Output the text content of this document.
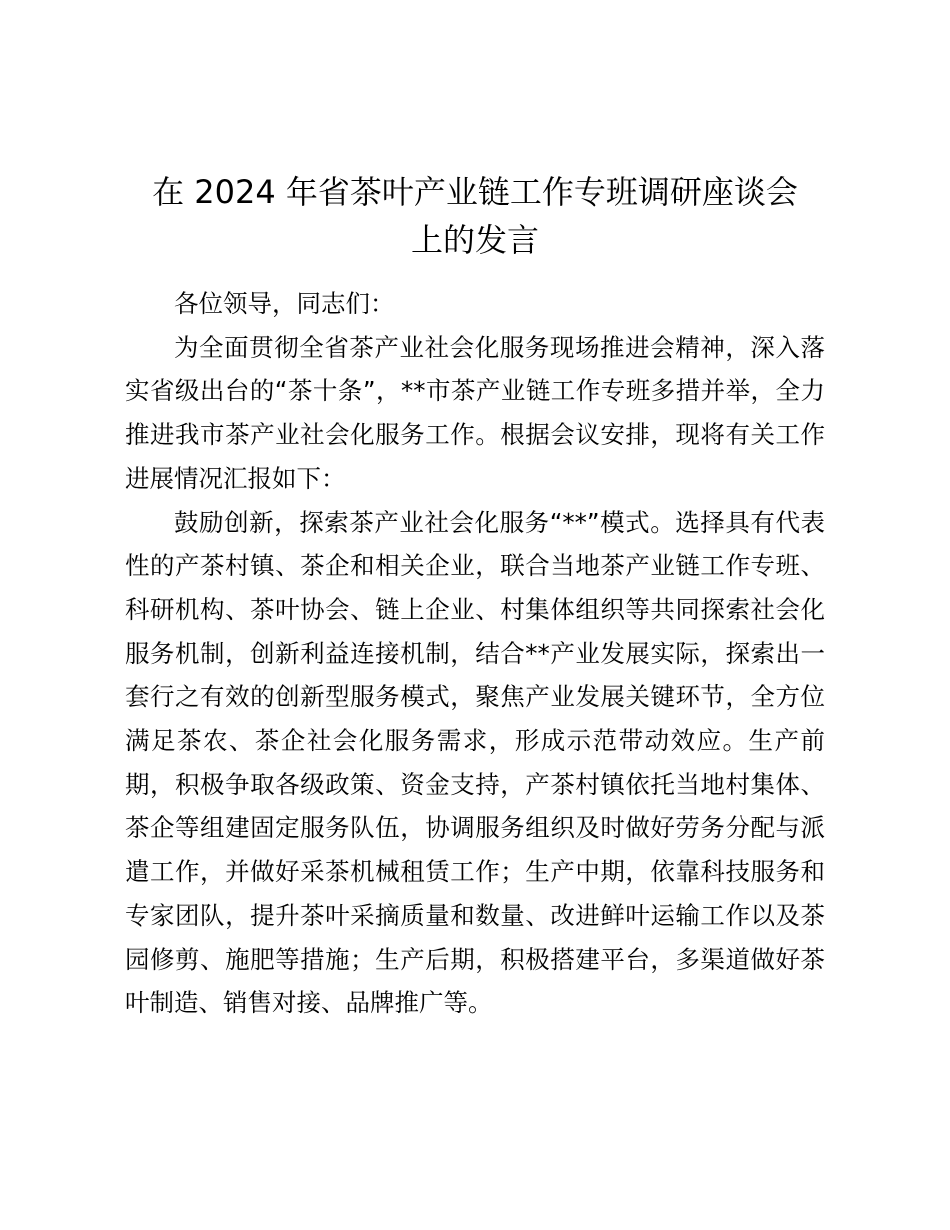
在 2024 年省茶叶产业链工作专班调研座谈会
上的发言
各位领导，同志们：
为全面贯彻全省茶产业社会化服务现场推进会精神，深入落
实省级出台的“茶十条”，**市茶产业链工作专班多措并举，全力
推进我市茶产业社会化服务工作。根据会议安排，现将有关工作
进展情况汇报如下：
鼓励创新，探索茶产业社会化服务“**”模式。选择具有代表
性的产茶村镇、茶企和相关企业，联合当地茶产业链工作专班、
科研机构、茶叶协会、链上企业、村集体组织等共同探索社会化
服务机制，创新利益连接机制，结合**产业发展实际，探索出一
套行之有效的创新型服务模式，聚焦产业发展关键环节，全方位
满足茶农、茶企社会化服务需求，形成示范带动效应。生产前
期，积极争取各级政策、资金支持，产茶村镇依托当地村集体、
茶企等组建固定服务队伍，协调服务组织及时做好劳务分配与派
遣工作，并做好采茶机械租赁工作；生产中期，依靠科技服务和
专家团队，提升茶叶采摘质量和数量、改进鲜叶运输工作以及茶
园修剪、施肥等措施；生产后期，积极搭建平台，多渠道做好茶
叶制造、销售对接、品牌推广等。
